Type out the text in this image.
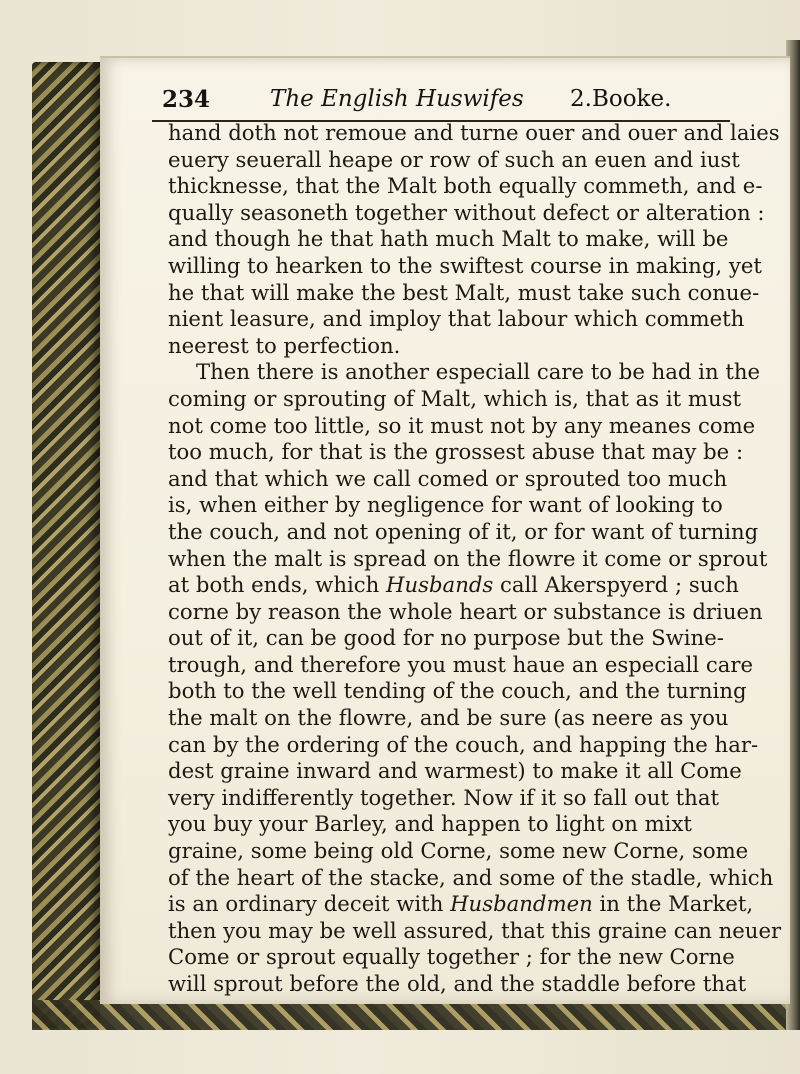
234	The English Huswifes 2.Booke.
hand doth not remoue and turne ouer and ouer and laies
euery seuerall heape or row of such an euen and iust
thicknesse, that the Malt both equally commeth, and e-
qually seasoneth together without defect or alteration :
and though he that hath much Malt to make, will be
willing to hearken to the swiftest course in making, yet
he that will make the best Malt, must take such conue-
nient leasure, and imploy that labour which commeth
neerest to perfection.
Then there is another especiall care to be had in the
coming or sprouting of Malt, which is, that as it must
not come too little, so it must not by any meanes come
too much, for that is the grossest abuse that may be :
and that which we call comed or sprouted too much
is, when either by negligence for want of looking to
the couch, and not opening of it, or for want of turning
when the malt is spread on the flowre it come or sprout
at both ends, which Husbands call Akerspyerd ; such
corne by reason the whole heart or substance is driuen
out of it, can be good for no purpose but the Swine-
trough, and therefore you must haue an especiall care
both to the well tending of the couch, and the turning
the malt on the flowre, and be sure (as neere as you
can by the ordering of the couch, and happing the har-
dest graine inward and warmest) to make it all Come
very indifferently together. Now if it so fall out that
you buy your Barley, and happen to light on mixt
graine, some being old Corne, some new Corne, some
of the heart of the stacke, and some of the stadle, which
is an ordinary deceit with Husbandmen in the Market,
then you may be well assured, that this graine can neuer
Come or sprout equally together ; for the new Corne
will sprout before the old, and the staddle before that
